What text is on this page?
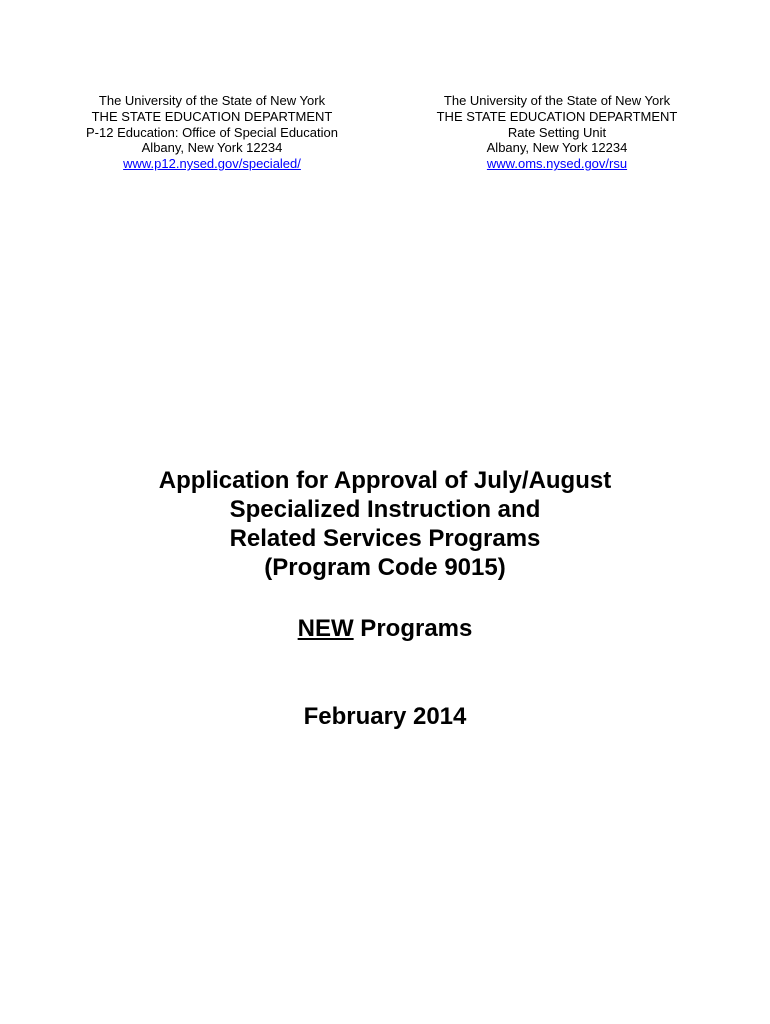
The University of the State of New York
THE STATE EDUCATION DEPARTMENT
P-12 Education: Office of Special Education
Albany, New York 12234
www.p12.nysed.gov/specialed/
The University of the State of New York
THE STATE EDUCATION DEPARTMENT
Rate Setting Unit
Albany, New York 12234
www.oms.nysed.gov/rsu
Application for Approval of July/August
Specialized Instruction and
Related Services Programs
(Program Code 9015)
NEW Programs
February 2014
